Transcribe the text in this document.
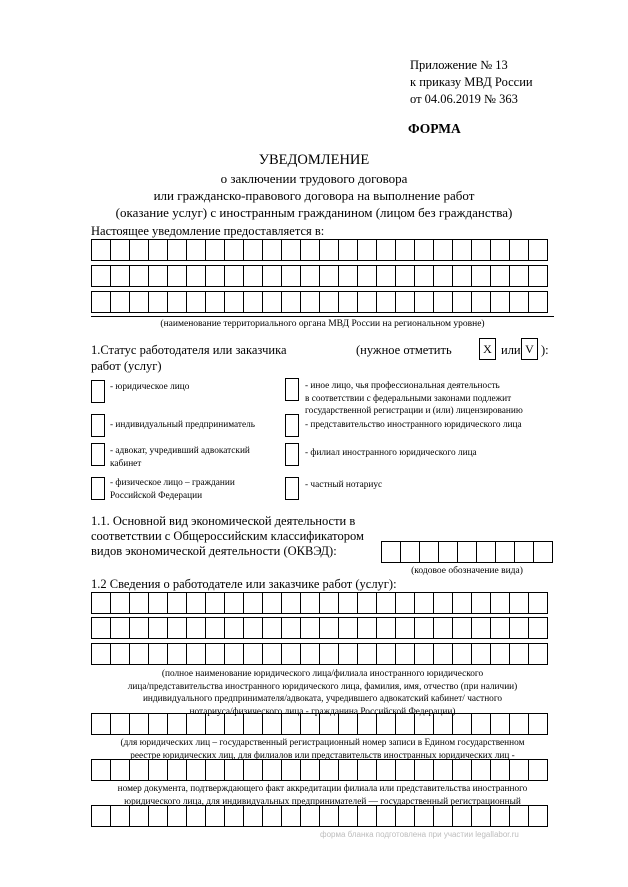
Приложение № 13
к приказу МВД России
от 04.06.2019 № 363
ФОРМА
УВЕДОМЛЕНИЕ
о заключении трудового договора
или гражданско-правового договора на выполнение работ
(оказание услуг) с иностранным гражданином (лицом без гражданства)
Настоящее уведомление предоставляется в:
(наименование территориального органа МВД России на региональном уровне)
1.Статус работодателя или заказчика
работ (услуг)
(нужное отметить	X или V ):
- юридическое лицо
- индивидуальный предприниматель
- адвокат, учредивший адвокатский
кабинет
- физическое лицо – граждании
Российской Федерации
- иное лицо, чья профессиональная деятельность
в соответствии с федеральными законами подлежит
государственной регистрации и (или) лицензированию
- представительство иностранного юридического лица
- филиал иностранного юридического лица
- частный нотариус
1.1. Основной вид экономической деятельности в
соответствии с Общероссийским классификатором
видов экономической деятельности (ОКВЭД):
(кодовое обозначение вида)
1.2 Сведения о работодателе или заказчике работ (услуг):
(полное наименование юридического лица/филиала иностранного юридического
лица/представительства иностранного юридического лица, фамилия, имя, отчество (при наличии)
индивидуального предпринимателя/адвоката, учредившего адвокатский кабинет/ частного
нотариуса/физического лица - гражданина Российской Федерации)
(для юридических лиц – государственный регистрационный номер записи в Едином государственном
реестре юридических лиц, для филиалов или представительств иностранных юридических лиц -
номер документа, подтверждающего факт аккредитации филиала или представительства иностранного
юридического лица, для индивидуальных предпринимателей — государственный регистрационный
форма бланка подготовлена при участии legallabor.ru
